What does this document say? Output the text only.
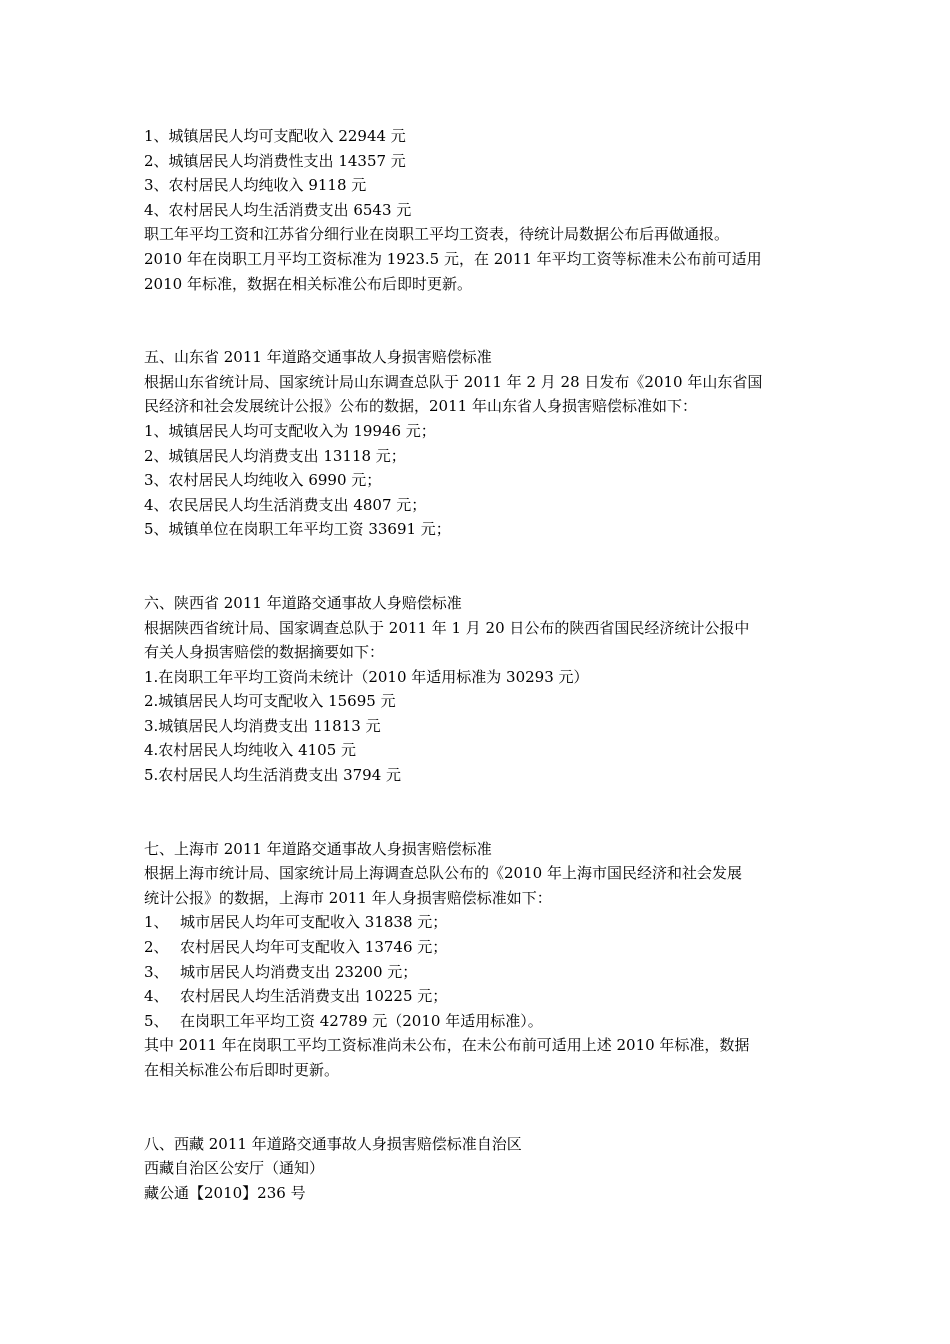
1、城镇居民人均可支配收入 22944 元
2、城镇居民人均消费性支出 14357 元
3、农村居民人均纯收入 9118 元
4、农村居民人均生活消费支出 6543 元
职工年平均工资和江苏省分细行业在岗职工平均工资表，待统计局数据公布后再做通报。
2010 年在岗职工月平均工资标准为 1923.5 元，在 2011 年平均工资等标准未公布前可适用
2010 年标准，数据在相关标准公布后即时更新。
五、山东省 2011 年道路交通事故人身损害赔偿标准
根据山东省统计局、国家统计局山东调查总队于 2011 年 2 月 28 日发布《2010 年山东省国
民经济和社会发展统计公报》公布的数据，2011 年山东省人身损害赔偿标准如下：
1、城镇居民人均可支配收入为 19946 元；
2、城镇居民人均消费支出 13118 元；
3、农村居民人均纯收入 6990 元；
4、农民居民人均生活消费支出 4807 元；
5、城镇单位在岗职工年平均工资 33691 元；
六、陕西省 2011 年道路交通事故人身赔偿标准
根据陕西省统计局、国家调查总队于 2011 年 1 月 20 日公布的陕西省国民经济统计公报中
有关人身损害赔偿的数据摘要如下：
1.在岗职工年平均工资尚未统计（2010 年适用标准为 30293 元）
2.城镇居民人均可支配收入 15695 元
3.城镇居民人均消费支出 11813 元
4.农村居民人均纯收入 4105 元
5.农村居民人均生活消费支出 3794 元
七、上海市 2011 年道路交通事故人身损害赔偿标准
根据上海市统计局、国家统计局上海调查总队公布的《2010 年上海市国民经济和社会发展
统计公报》的数据，上海市 2011 年人身损害赔偿标准如下：
1、 城市居民人均年可支配收入 31838 元；
2、 农村居民人均年可支配收入 13746 元；
3、 城市居民人均消费支出 23200 元；
4、 农村居民人均生活消费支出 10225 元；
5、 在岗职工年平均工资 42789 元（2010 年适用标准）。
其中 2011 年在岗职工平均工资标准尚未公布，在未公布前可适用上述 2010 年标准，数据
在相关标准公布后即时更新。
八、西藏 2011 年道路交通事故人身损害赔偿标准自治区
西藏自治区公安厅（通知）
藏公通【2010】236 号
